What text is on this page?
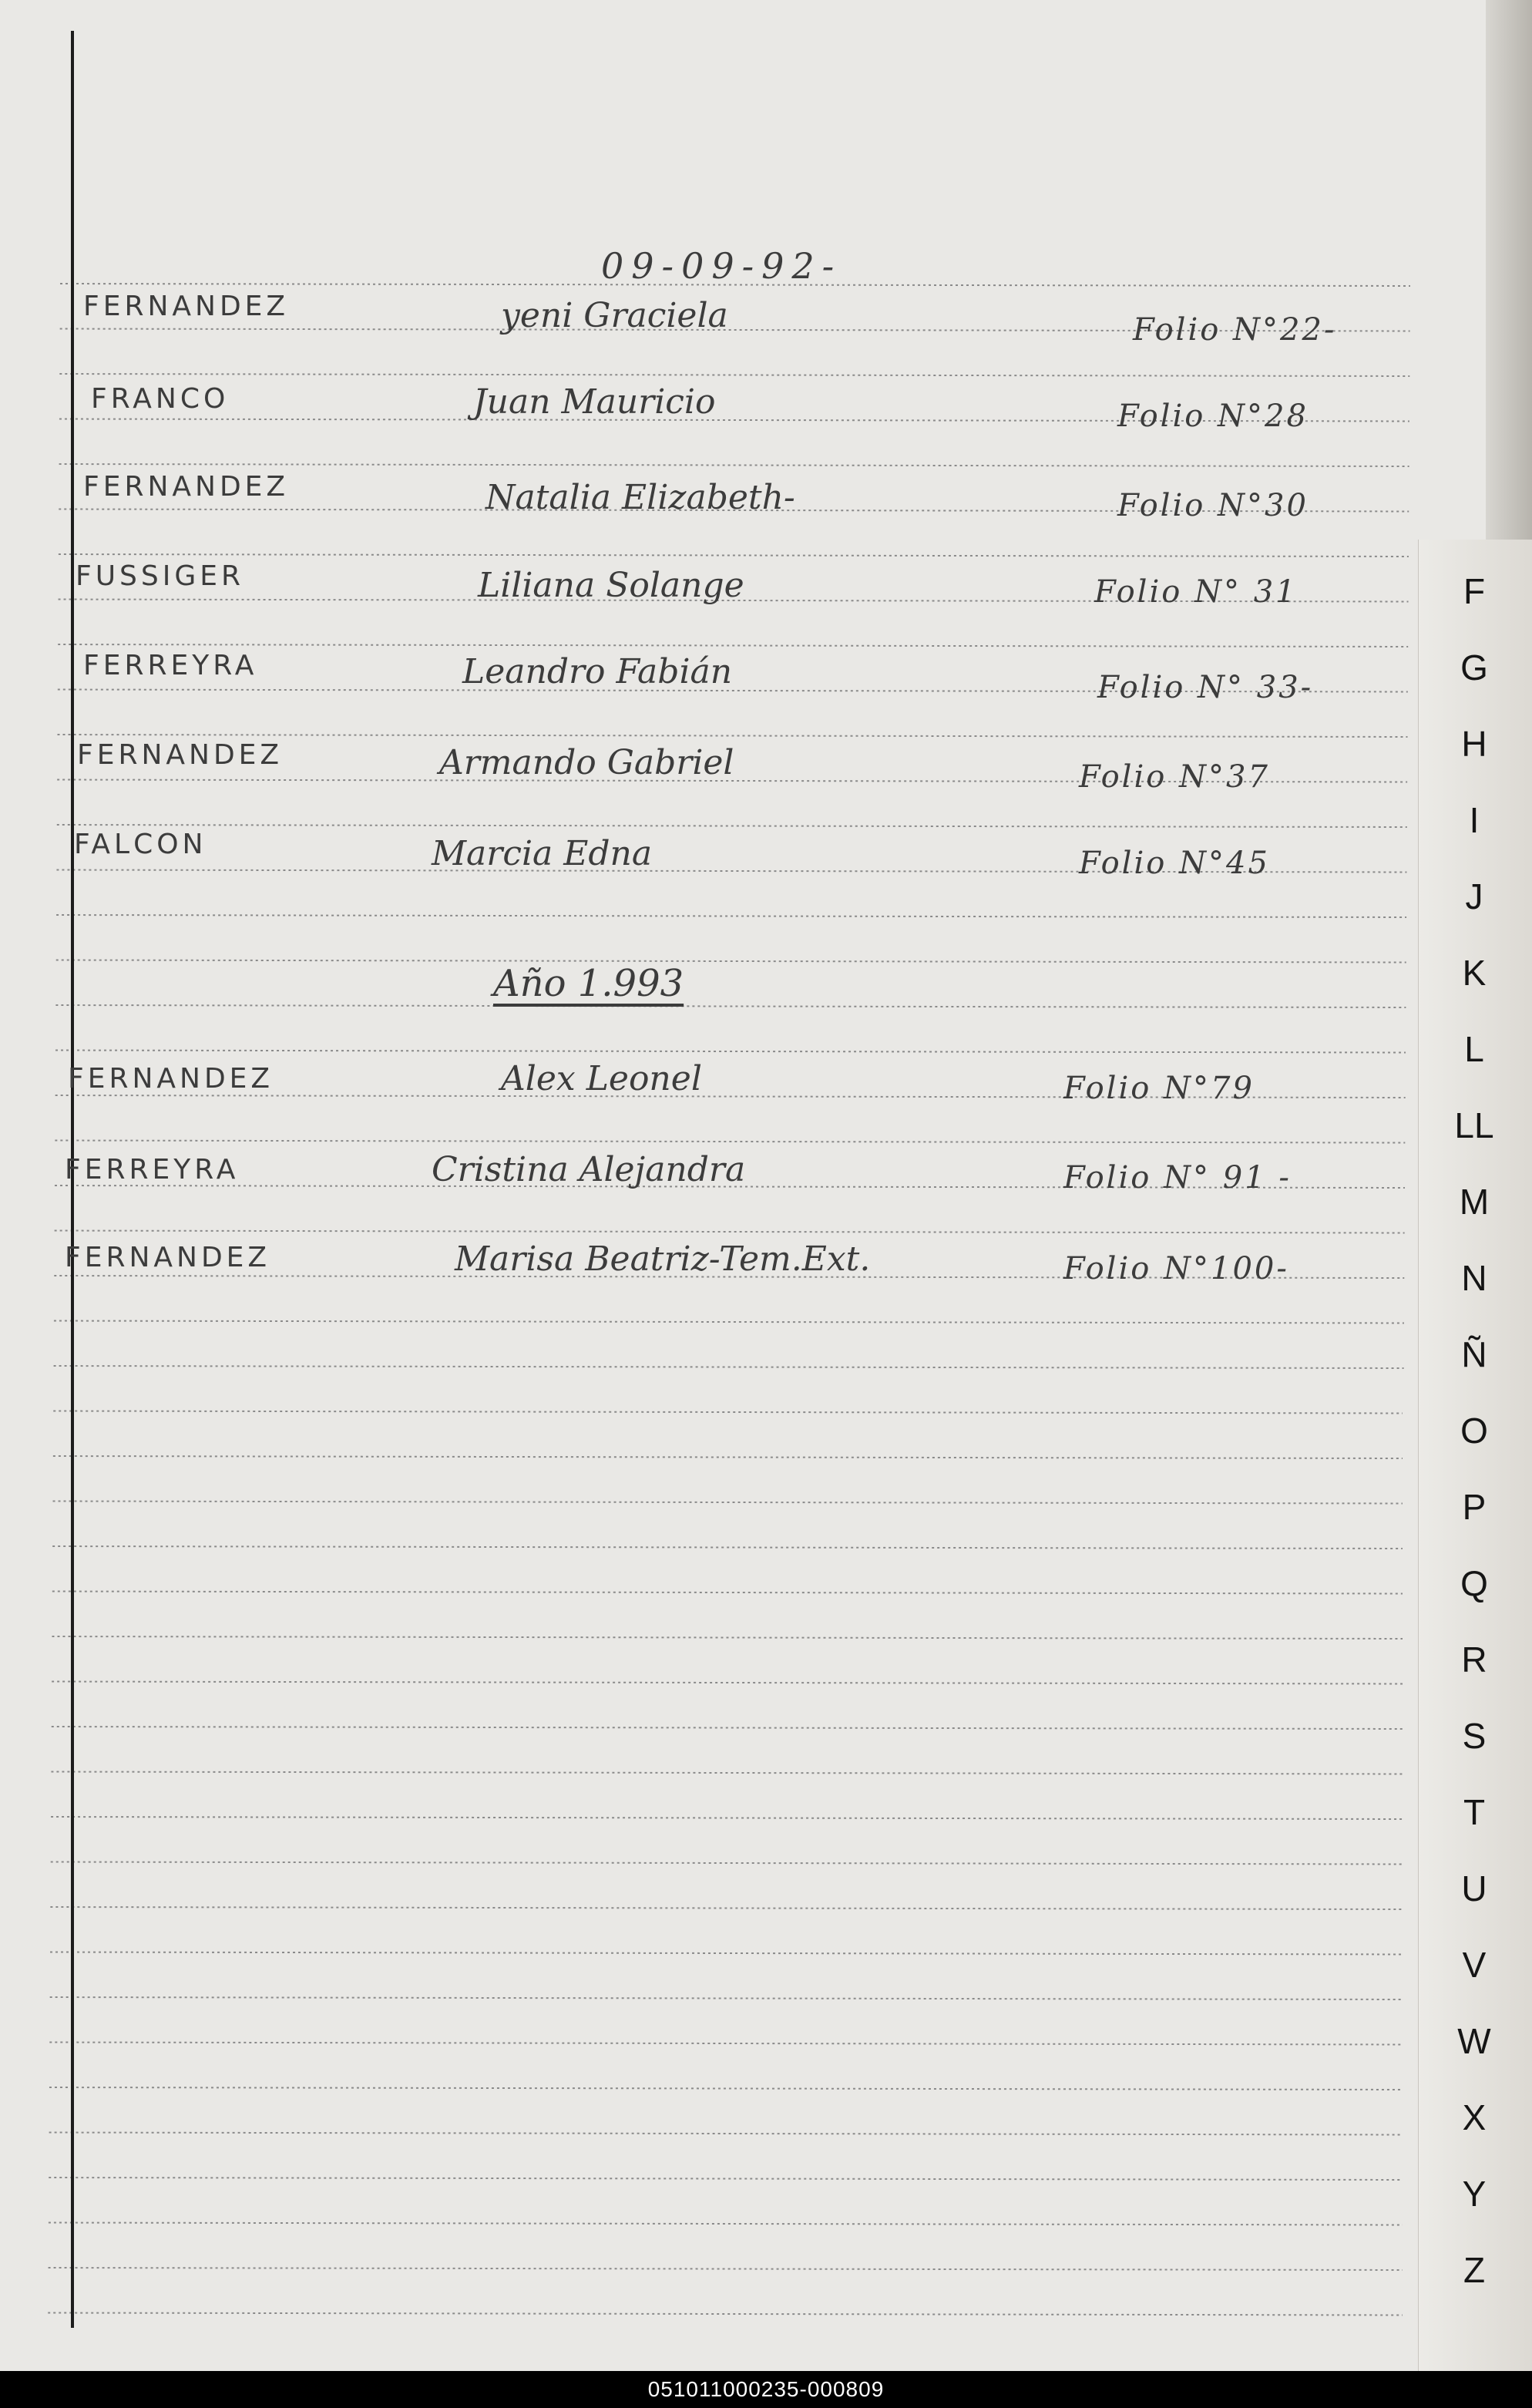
09-09-92-
FERNANDEZ	yeni Graciela	Folio N°22-
FRANCO	Juan Mauricio	Folio N°28
FERNANDEZ	Natalia Elizabeth-	Folio N°30
FUSSIGER	Liliana Solange	Folio N° 31
FERREYRA	Leandro Fabián	Folio N° 33-
FERNANDEZ	Armando Gabriel	Folio N°37
FALCON	Marcia Edna	Folio N°45
Año 1.993
FERNANDEZ	Alex Leonel	Folio N°79
FERREYRA	Cristina Alejandra	Folio N° 91 -
FERNANDEZ	Marisa Beatriz-Tem.Ext.	Folio N°100-
F
G
H
I
J
K
L
LL
M
N
Ñ
O
P
Q
R
S
T
U
V
W
X
Y
Z
051011000235-000809
